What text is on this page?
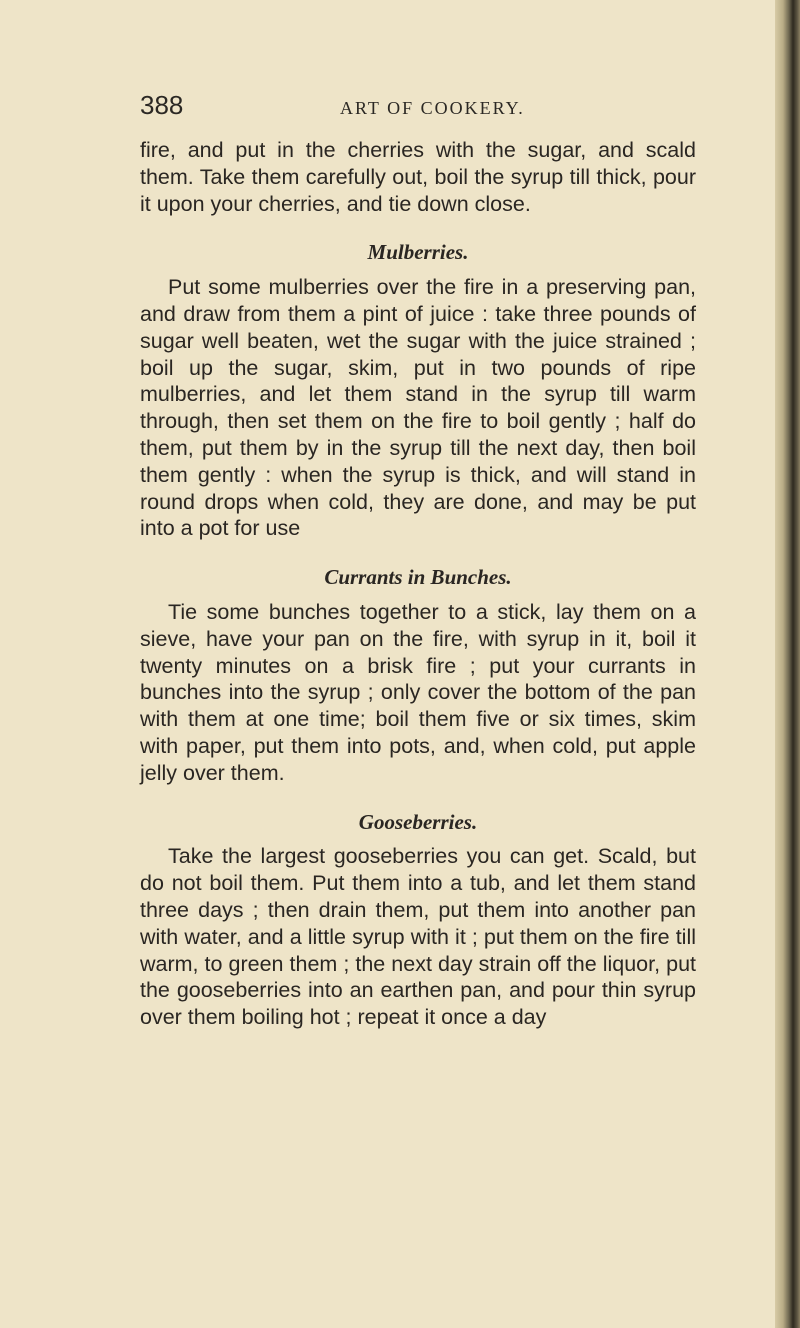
388	ART OF COOKERY.

fire, and put in the cherries with the sugar, and scald them. Take them carefully out, boil the syrup till thick, pour it upon your cherries, and tie down close.

Mulberries.

Put some mulberries over the fire in a preserving pan, and draw from them a pint of juice : take three pounds of sugar well beaten, wet the sugar with the juice strained ; boil up the sugar, skim, put in two pounds of ripe mulberries, and let them stand in the syrup till warm through, then set them on the fire to boil gently ; half do them, put them by in the syrup till the next day, then boil them gently : when the syrup is thick, and will stand in round drops when cold, they are done, and may be put into a pot for use

Currants in Bunches.

Tie some bunches together to a stick, lay them on a sieve, have your pan on the fire, with syrup in it, boil it twenty minutes on a brisk fire ; put your currants in bunches into the syrup ; only cover the bottom of the pan with them at one time; boil them five or six times, skim with paper, put them into pots, and, when cold, put apple jelly over them.

Gooseberries.

Take the largest gooseberries you can get. Scald, but do not boil them. Put them into a tub, and let them stand three days ; then drain them, put them into another pan with water, and a little syrup with it ; put them on the fire till warm, to green them ; the next day strain off the liquor, put the gooseberries into an earthen pan, and pour thin syrup over them boiling hot ; repeat it once a day
